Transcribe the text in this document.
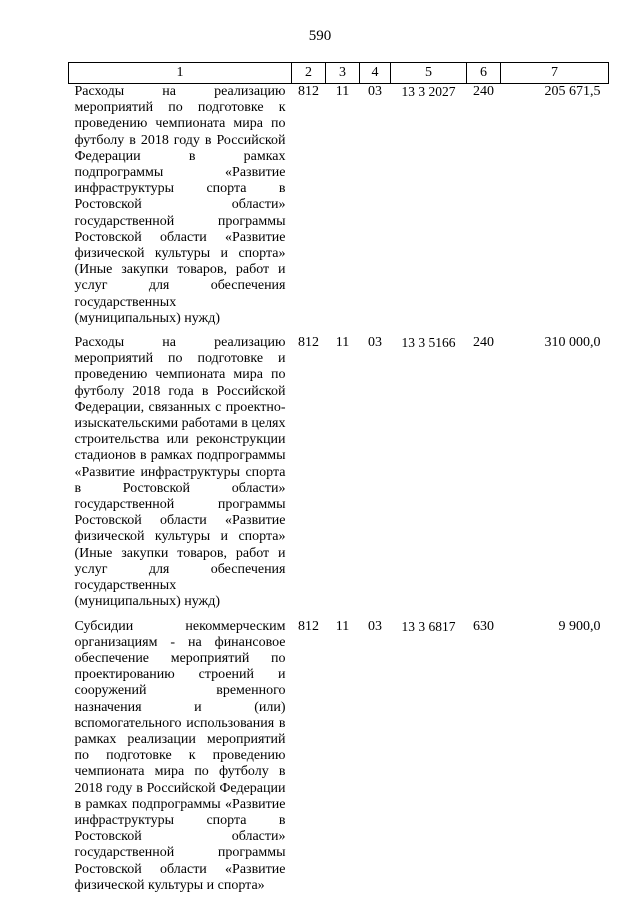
590
1	2	3	4	5	6	7
Расходы на реализацию мероприятий по подготовке к проведению чемпионата мира по футболу в 2018 году в Российской Федерации в рамках подпрограммы «Развитие инфраструктуры спорта в Ростовской области» государственной программы Ростовской области «Развитие физической культуры и спорта» (Иные закупки товаров, работ и услуг для обеспечения государственных (муниципальных) нужд)	812	11	03	13 3 2027	240	205 671,5
Расходы на реализацию мероприятий по подготовке и проведению чемпионата мира по футболу 2018 года в Российской Федерации, связанных с проектно-изыскательскими работами в целях строительства или реконструкции стадионов в рамках подпрограммы «Развитие инфраструктуры спорта в Ростовской области» государственной программы Ростовской области «Развитие физической культуры и спорта» (Иные закупки товаров, работ и услуг для обеспечения государственных (муниципальных) нужд)	812	11	03	13 3 5166	240	310 000,0
Субсидии некоммерческим организациям - на финансовое обеспечение мероприятий по проектированию строений и сооружений временного назначения и (или) вспомогательного использования в рамках реализации мероприятий по подготовке к проведению чемпионата мира по футболу в 2018 году в Российской Федерации в рамках подпрограммы «Развитие инфраструктуры спорта в Ростовской области» государственной программы Ростовской области «Развитие физической культуры и спорта»	812	11	03	13 3 6817	630	9 900,0
